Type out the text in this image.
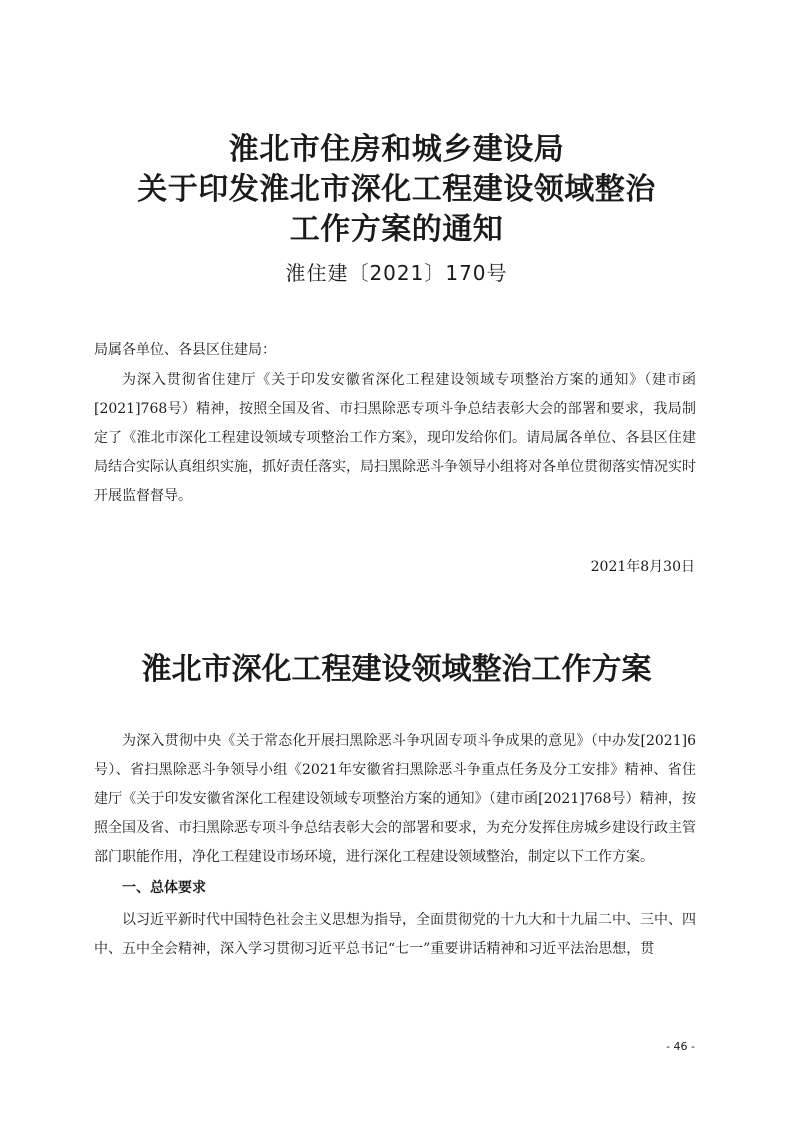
淮北市住房和城乡建设局
关于印发淮北市深化工程建设领域整治
工作方案的通知
淮住建〔2021〕170号
局属各单位、各县区住建局：
为深入贯彻省住建厅《关于印发安徽省深化工程建设领域专项整治方案的通知》（建市函[2021]768号）精神，按照全国及省、市扫黑除恶专项斗争总结表彰大会的部署和要求，我局制定了《淮北市深化工程建设领域专项整治工作方案》，现印发给你们。请局属各单位、各县区住建局结合实际认真组织实施，抓好责任落实，局扫黑除恶斗争领导小组将对各单位贯彻落实情况实时开展监督督导。
2021年8月30日
淮北市深化工程建设领域整治工作方案
为深入贯彻中央《关于常态化开展扫黑除恶斗争巩固专项斗争成果的意见》（中办发[2021]6号）、省扫黑除恶斗争领导小组《2021年安徽省扫黑除恶斗争重点任务及分工安排》精神、省住建厅《关于印发安徽省深化工程建设领域专项整治方案的通知》（建市函[2021]768号）精神，按照全国及省、市扫黑除恶专项斗争总结表彰大会的部署和要求，为充分发挥住房城乡建设行政主管部门职能作用，净化工程建设市场环境，进行深化工程建设领域整治，制定以下工作方案。
一、总体要求
以习近平新时代中国特色社会主义思想为指导，全面贯彻党的十九大和十九届二中、三中、四中、五中全会精神，深入学习贯彻习近平总书记“七一”重要讲话精神和习近平法治思想，贯
- 46 -
